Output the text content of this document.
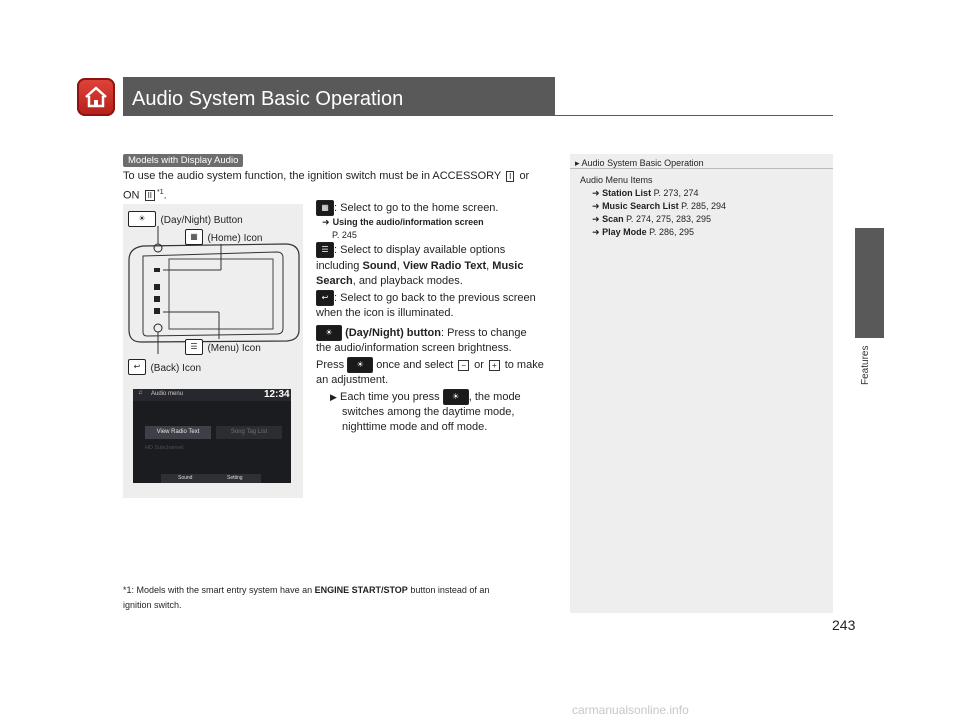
Audio System Basic Operation
Features
Models with Display Audio
To use the audio system function, the ignition switch must be in ACCESSORY I or
ON II $^{*1}$.
☀ (Day/Night) Button
▦ (Home) Icon
☰ (Menu) Icon
↩ (Back) Icon
♫ Audio menu	12:34
View Radio Text	Song Tag List
HD Subchannel
Sound	Setting
▦ : Select to go to the home screen.
➜ Using the audio/information screen
P. 245
☰ : Select to display available options
including Sound, View Radio Text, Music
Search, and playback modes.
↩ : Select to go back to the previous screen
when the icon is illuminated.
☀ (Day/Night) button: Press to change
the audio/information screen brightness.
Press ☀ once and select − or + to make
an adjustment.
▶ Each time you press ☀ , the mode
switches among the daytime mode,
nighttime mode and off mode.
*1: Models with the smart entry system have an ENGINE START/STOP button instead of an
ignition switch.
▸ Audio System Basic Operation
Audio Menu Items
➜ Station List P. 273, 274
➜ Music Search List P. 285, 294
➜ Scan P. 274, 275, 283, 295
➜ Play Mode P. 286, 295
243
carmanualsonline.info
